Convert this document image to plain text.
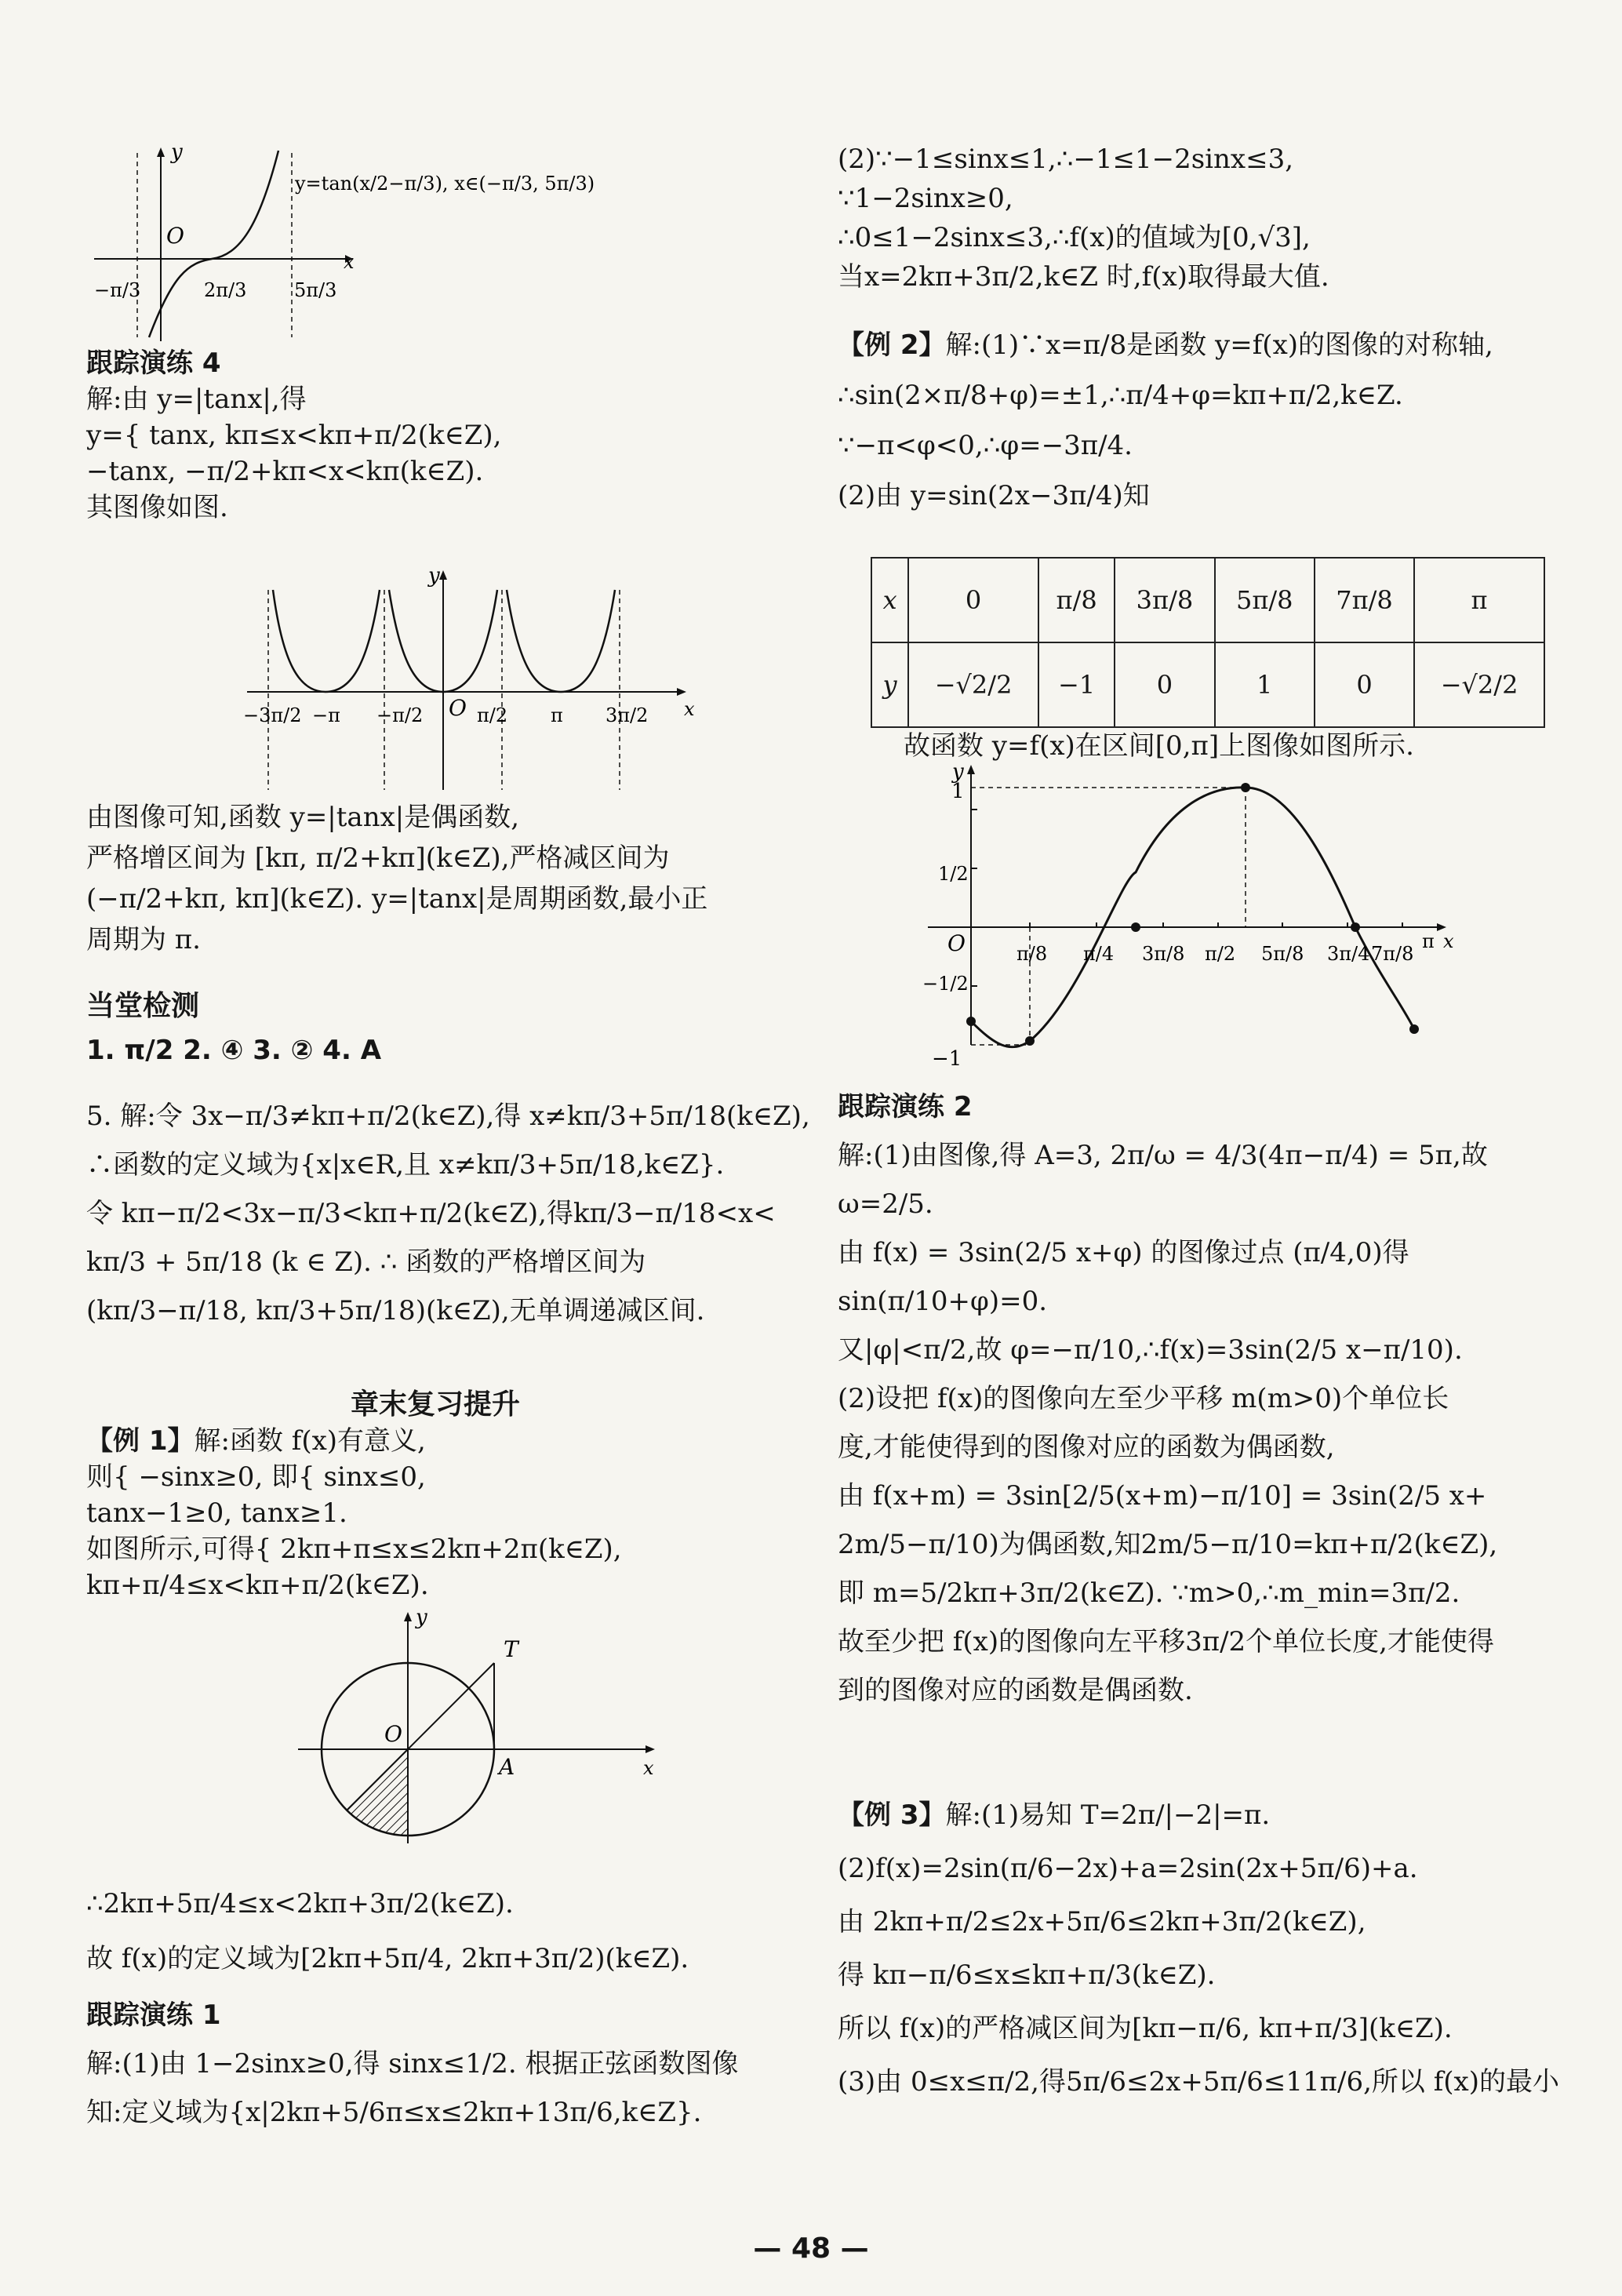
y
O
x
−π/3	2π/3	5π/3
y=tan(x/2−π/3), x∈(−π/3, 5π/3)
跟踪演练 4
解:由 y=|tanx|,得
y={ tanx, kπ≤x<kπ+π/2(k∈Z),
−tanx, −π/2+kπ<x<kπ(k∈Z).
其图像如图.
y
O	x
−3π/2 −π −π/2	π/2 π 3π/2
由图像可知,函数 y=|tanx|是偶函数,
严格增区间为 [kπ, π/2+kπ](k∈Z),严格减区间为
(−π/2+kπ, kπ](k∈Z). y=|tanx|是周期函数,最小正
周期为 π.
当堂检测
1. π/2 2. ④ 3. ② 4. A
5. 解:令 3x−π/3≠kπ+π/2(k∈Z),得 x≠kπ/3+5π/18(k∈Z),
∴函数的定义域为{x|x∈R,且 x≠kπ/3+5π/18,k∈Z}.
令 kπ−π/2<3x−π/3<kπ+π/2(k∈Z),得kπ/3−π/18<x<
kπ/3 + 5π/18 (k ∈ Z). ∴ 函数的严格增区间为
(kπ/3−π/18, kπ/3+5π/18)(k∈Z),无单调递减区间.
章末复习提升
【例 1】解:函数 f(x)有意义,
则{ −sinx≥0, 即{ sinx≤0,
tanx−1≥0, tanx≥1.
如图所示,可得{ 2kπ+π≤x≤2kπ+2π(k∈Z),
kπ+π/4≤x<kπ+π/2(k∈Z).
y
O
x
T
A
∴2kπ+5π/4≤x<2kπ+3π/2(k∈Z).
故 f(x)的定义域为[2kπ+5π/4, 2kπ+3π/2)(k∈Z).
跟踪演练 1
解:(1)由 1−2sinx≥0,得 sinx≤1/2. 根据正弦函数图像
知:定义域为{x|2kπ+5/6π≤x≤2kπ+13π/6,k∈Z}.
(2)∵−1≤sinx≤1,∴−1≤1−2sinx≤3,
∵1−2sinx≥0,
∴0≤1−2sinx≤3,∴f(x)的值域为[0,√3],
当x=2kπ+3π/2,k∈Z 时,f(x)取得最大值.
【例 2】解:(1)∵x=π/8是函数 y=f(x)的图像的对称轴,
∴sin(2×π/8+φ)=±1,∴π/4+φ=kπ+π/2,k∈Z.
∵−π<φ<0,∴φ=−3π/4.
(2)由 y=sin(2x−3π/4)知
x	0	π/8	3π/8	5π/8	7π/8	π
y	−√2/2	−1	0	1	0	−√2/2
故函数 y=f(x)在区间[0,π]上图像如图所示.
y
O	x
1
1/2
−1/2
−1
π/8 π/4 3π/8 π/2 5π/8 3π/4 7π/8
π
跟踪演练 2
解:(1)由图像,得 A=3, 2π/ω = 4/3(4π−π/4) = 5π,故
ω=2/5.
由 f(x) = 3sin(2/5 x+φ) 的图像过点 (π/4,0)得
sin(π/10+φ)=0.
又|φ|<π/2,故 φ=−π/10,∴f(x)=3sin(2/5 x−π/10).
(2)设把 f(x)的图像向左至少平移 m(m>0)个单位长
度,才能使得到的图像对应的函数为偶函数,
由 f(x+m) = 3sin[2/5(x+m)−π/10] = 3sin(2/5 x+
2m/5−π/10)为偶函数,知2m/5−π/10=kπ+π/2(k∈Z),
即 m=5/2kπ+3π/2(k∈Z). ∵m>0,∴m_min=3π/2.
故至少把 f(x)的图像向左平移3π/2个单位长度,才能使得
到的图像对应的函数是偶函数.
【例 3】解:(1)易知 T=2π/|−2|=π.
(2)f(x)=2sin(π/6−2x)+a=2sin(2x+5π/6)+a.
由 2kπ+π/2≤2x+5π/6≤2kπ+3π/2(k∈Z),
得 kπ−π/6≤x≤kπ+π/3(k∈Z).
所以 f(x)的严格减区间为[kπ−π/6, kπ+π/3](k∈Z).
(3)由 0≤x≤π/2,得5π/6≤2x+5π/6≤11π/6,所以 f(x)的最小
— 48 —
